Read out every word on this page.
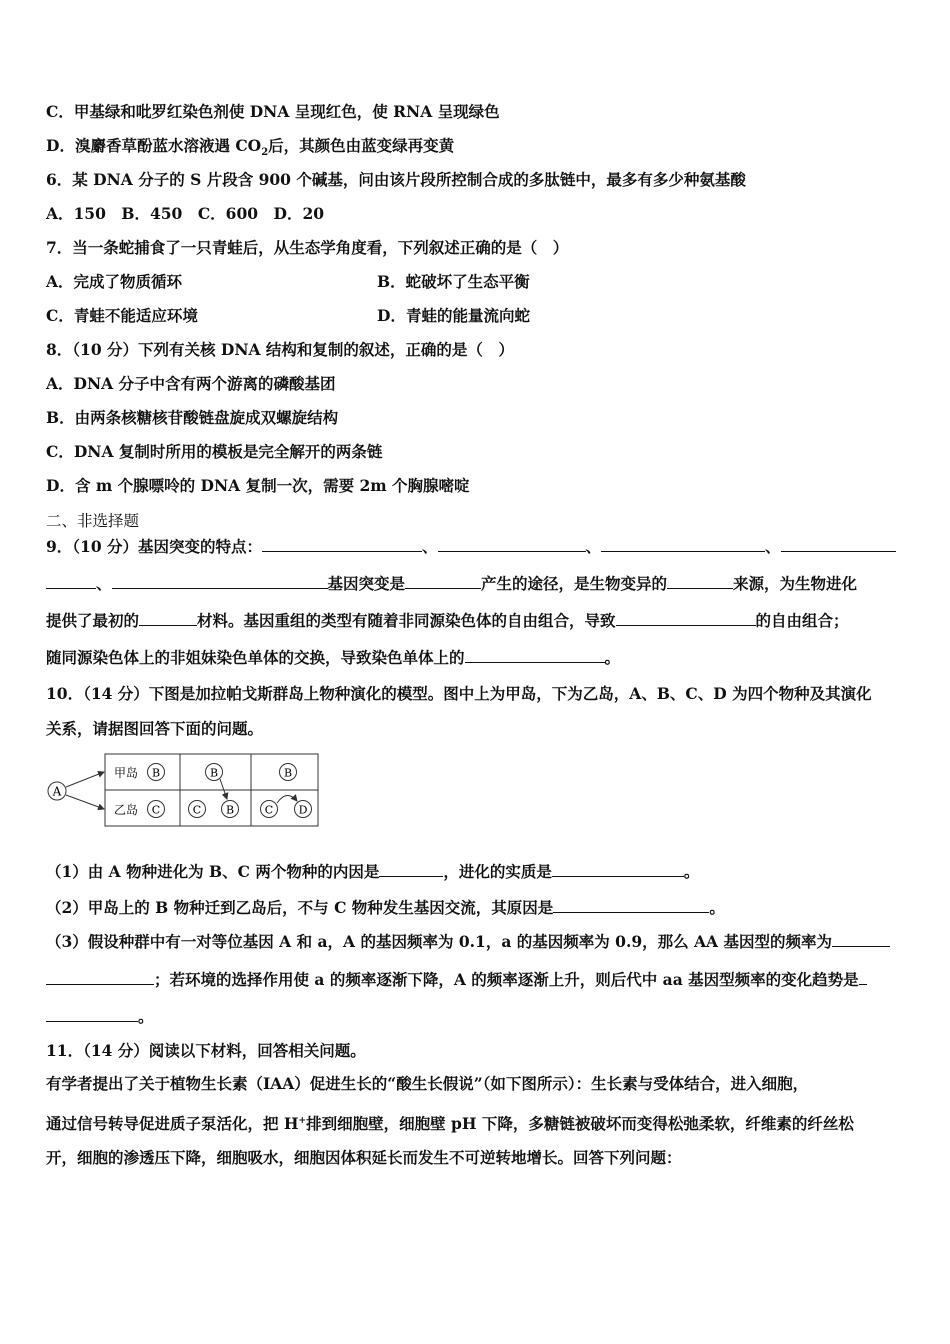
C．甲基绿和吡罗红染色剂使 DNA 呈现红色，使 RNA 呈现绿色
D．溴麝香草酚蓝水溶液遇 $CO_2$后，其颜色由蓝变绿再变黄
6．某 DNA 分子的 S 片段含 900 个碱基，问由该片段所控制合成的多肽链中，最多有多少种氨基酸
A．150　B．450　C．600　D．20
7．当一条蛇捕食了一只青蛙后，从生态学角度看，下列叙述正确的是（　）
A．完成了物质循环	B．蛇破坏了生态平衡
C．青蛙不能适应环境	D．青蛙的能量流向蛇
8．（10 分）下列有关核 DNA 结构和复制的叙述，正确的是（　）
A．DNA 分子中含有两个游离的磷酸基团
B．由两条核糖核苷酸链盘旋成双螺旋结构
C．DNA 复制时所用的模板是完全解开的两条链
D．含 m 个腺嘌呤的 DNA 复制一次，需要 2m 个胸腺嘧啶
二、非选择题
9．（10 分）基因突变的特点：	、	、	、
、	基因突变是	产生的途径，是生物变异的	来源，为生物进化
提供了最初的	材料。基因重组的类型有随着非同源染色体的自由组合，导致	的自由组合；
随同源染色体上的非姐妹染色单体的交换，导致染色单体上的	。
10．（14 分）下图是加拉帕戈斯群岛上物种演化的模型。图中上为甲岛，下为乙岛，A、B、C、D 为四个物种及其演化
关系，请据图回答下面的问题。
A
甲岛 B
乙岛 C
B
C B
B
C D
（1）由 A 物种进化为 B、C 两个物种的内因是	，进化的实质是	。
（2）甲岛上的 B 物种迁到乙岛后，不与 C 物种发生基因交流，其原因是	。
（3）假设种群中有一对等位基因 A 和 a，A 的基因频率为 0.1，a 的基因频率为 0.9，那么 AA 基因型的频率为
；若环境的选择作用使 a 的频率逐渐下降，A 的频率逐渐上升，则后代中 aa 基因型频率的变化趋势是
。
11．（14 分）阅读以下材料，回答相关问题。
有学者提出了关于植物生长素（IAA）促进生长的“酸生长假说”（如下图所示）：生长素与受体结合，进入细胞，
通过信号转导促进质子泵活化，把 H+排到细胞壁，细胞壁 pH 下降，多糖链被破坏而变得松弛柔软，纤维素的纤丝松
开，细胞的渗透压下降，细胞吸水，细胞因体积延长而发生不可逆转地增长。回答下列问题：
